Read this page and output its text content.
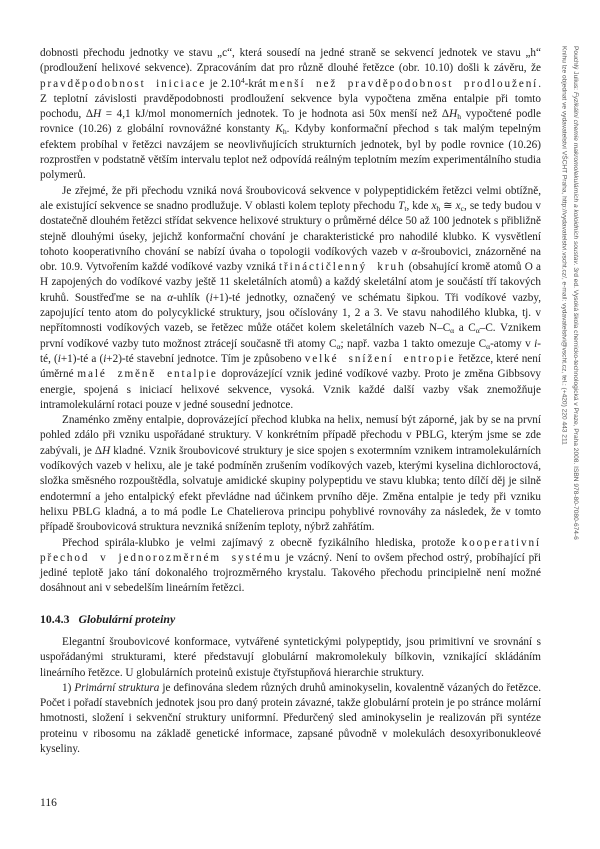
dobnosti přechodu jednotky ve stavu „c“, která sousedí na jedné straně se sekvencí jednotek ve stavu „h“ (prodloužení helixové sekvence). Zpracováním dat pro různě dlouhé řetězce (obr. 10.10) došli k závěru, že pravděpodobnost iniciace je 2.10$^4$-krát menší než pravděpodobnost prodloužení. Z teplotní závislosti pravděpodobnosti prodloužení sekvence byla vypočtena změna entalpie při tomto pochodu, ΔH = 4,1 kJ/mol monomerních jednotek. To je hodnota asi 50x menší než $\Delta H_h$ vypočtené podle rovnice (10.26) z globální rovnovážné konstanty $K_h$. Kdyby konformační přechod s tak malým tepelným efektem probíhal v řetězci navzájem se neovlivňujících strukturních jednotek, byl by podle rovnice (10.26) rozprostřen v podstatně větším intervalu teplot než odpovídá reálným teplotním mezím experimentálního studia polymerů.

Je zřejmé, že při přechodu vzniká nová šroubovicová sekvence v polypeptidickém řetězci velmi obtížně, ale existující sekvence se snadno prodlužuje. V oblasti kolem teploty přechodu $T_t$, kde $x_h$ ≅ $x_c$, se tedy budou v dostatečně dlouhém řetězci střídat sekvence helixové struktury o průměrné délce 50 až 100 jednotek s přibližně stejně dlouhými úseky, jejichž konformační chování je charakteristické pro nahodilé klubko. K vysvětlení tohoto kooperativního chování se nabízí úvaha o topologii vodíkových vazeb v α-šroubovici, znázorněné na obr. 10.9. Vytvořením každé vodíkové vazby vzniká třináctičlenný kruh (obsahující kromě atomů O a H zapojených do vodíkové vazby ještě 11 skeletálních atomů) a každý skeletální atom je součástí tří takových kruhů. Soustřeďme se na α-uhlík (i+1)-té jednotky, označený ve schématu šipkou. Tři vodíkové vazby, zapojující tento atom do polycyklické struktury, jsou očíslovány 1, 2 a 3. Ve stavu nahodilého klubka, tj. v nepřítomnosti vodíkových vazeb, se řetězec může otáčet kolem skeletálních vazeb $N-C_\alpha$ a $C_\alpha-C$. Vznikem první vodíkové vazby tuto možnost ztrácejí současně tři atomy $C_\alpha$; např. vazba 1 takto omezuje $C_\alpha$-atomy v i-té, (i+1)-té a (i+2)-té stavební jednotce. Tím je způsobeno velké snížení entropie řetězce, které není úměrné malé změně entalpie doprovázející vznik jediné vodíkové vazby. Proto je změna Gibbsovy energie, spojená s iniciací helixové sekvence, vysoká. Vznik každé další vazby však znemožňuje intramolekulární rotaci pouze v jedné sousední jednotce.

Znaménko změny entalpie, doprovázející přechod klubka na helix, nemusí být záporné, jak by se na první pohled zdálo při vzniku uspořádané struktury. V konkrétním případě přechodu v PBLG, kterým jsme se zde zabývali, je ΔH kladné. Vznik šroubovicové struktury je sice spojen s exotermním vznikem intramolekulárních vodíkových vazeb v helixu, ale je také podmíněn zrušením vodíkových vazeb, kterými kyselina dichloroctová, složka směsného rozpouštědla, solvatuje amidické skupiny polypeptidu ve stavu klubka; tento dílčí děj je silně endotermní a jeho entalpický efekt převládne nad účinkem prvního děje. Změna entalpie je tedy při vzniku helixu PBLG kladná, a to má podle Le Chatelierova principu pohyblivé rovnováhy za následek, že v tomto případě šroubovicová struktura nevzniká snížením teploty, nýbrž zahřátím.

Přechod spirála-klubko je velmi zajímavý z obecně fyzikálního hlediska, protože kooperativní přechod v jednorozměrném systému je vzácný. Není to ovšem přechod ostrý, probíhající při jediné teplotě jako tání dokonalého trojrozměrného krystalu. Takového přechodu principielně není možné dosáhnout ani v sebedelším lineárním řetězci.

10.4.3 Globulární proteiny

Elegantní šroubovicové konformace, vytvářené syntetickými polypeptidy, jsou primitivní ve srovnání s uspořádanými strukturami, které představují globulární makromolekuly bílkovin, vznikající skládáním lineárního řetězce. U globulárních proteinů existuje čtyřstupňová hierarchie struktury.

1) Primární struktura je definována sledem různých druhů aminokyselin, kovalentně vázaných do řetězce. Počet i pořadí stavebních jednotek jsou pro daný protein závazné, takže globulární protein je po stránce molární hmotnosti, složení i sekvenční struktury uniformní. Předurčený sled aminokyselin je realizován při syntéze proteinu v ribosomu na základě genetické informace, zapsané původně v molekulách desoxyribonukleové kyseliny.

116
Pouchlý Julius: Fyzikální chemie makromolekulárních a koloidních soustav. 3rd ed. Vysoká škola chemicko-technologická v Praze, Praha 2008. ISBN 978-80-7080-674-6
Knihu lze objednat ve vydavatelství VŠCHT Praha, http://vydavatelstvi.vscht.cz/, e-mail: vydavatelstvi@vscht.cz, tel.: (+420) 220 443 211
